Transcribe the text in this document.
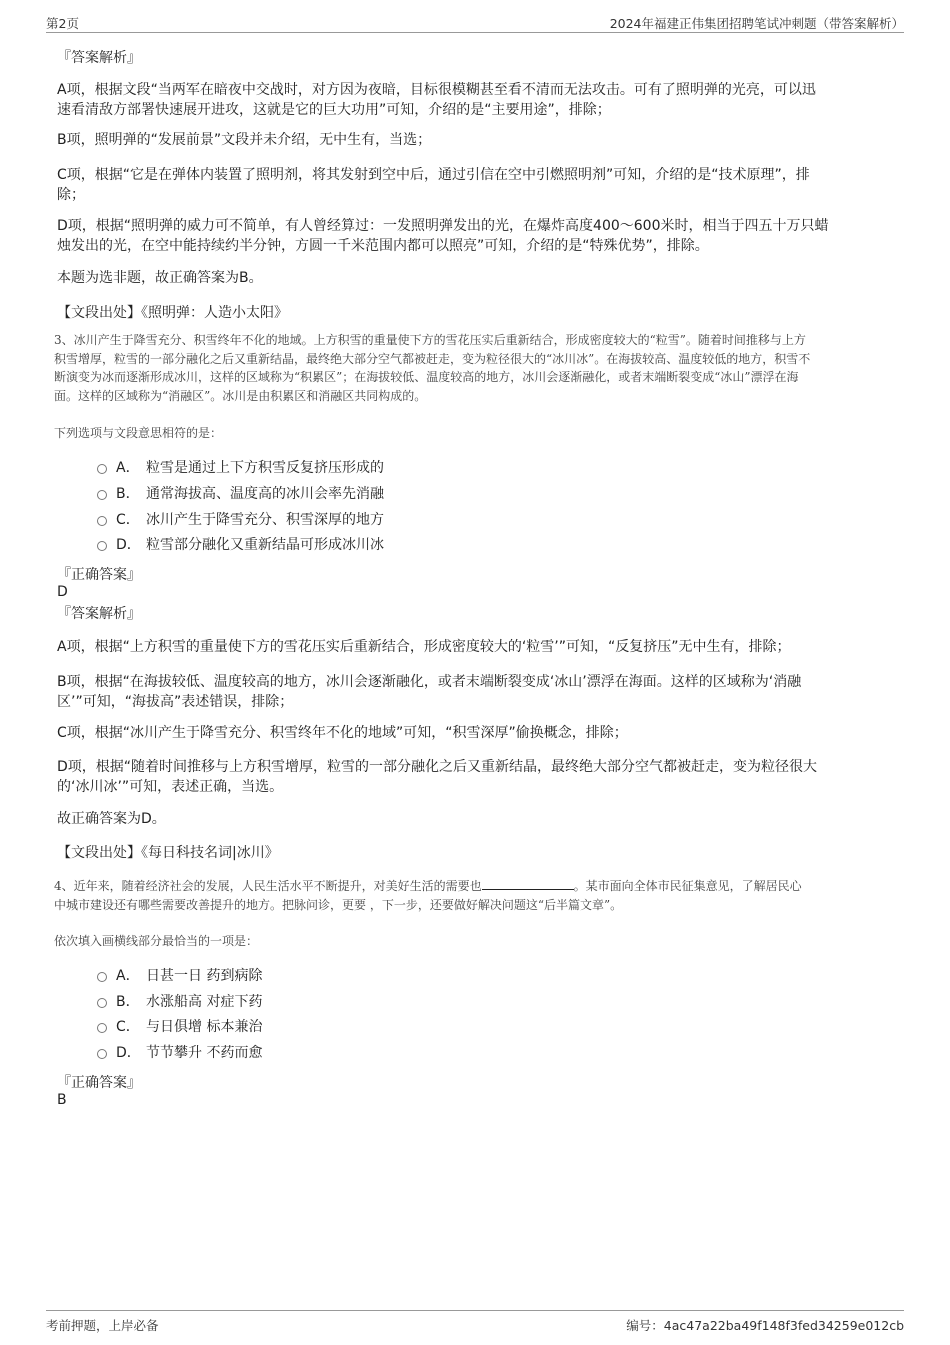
第2页	2024年福建正伟集团招聘笔试冲刺题（带答案解析）
『答案解析』
A项，根据文段“当两军在暗夜中交战时，对方因为夜暗，目标很模糊甚至看不清而无法攻击。可有了照明弹的光亮，可以迅
速看清敌方部署快速展开进攻，这就是它的巨大功用”可知，介绍的是“主要用途”，排除；
B项，照明弹的“发展前景”文段并未介绍，无中生有，当选；
C项，根据“它是在弹体内装置了照明剂，将其发射到空中后，通过引信在空中引燃照明剂”可知，介绍的是“技术原理”，排
除；
D项，根据“照明弹的威力可不简单，有人曾经算过：一发照明弹发出的光，在爆炸高度400～600米时，相当于四五十万只蜡
烛发出的光，在空中能持续约半分钟，方圆一千米范围内都可以照亮”可知，介绍的是“特殊优势”，排除。
本题为选非题，故正确答案为B。
【文段出处】《照明弹：人造小太阳》
3、冰川产生于降雪充分、积雪终年不化的地域。上方积雪的重量使下方的雪花压实后重新结合，形成密度较大的“粒雪”。随着时间推移与上方
积雪增厚，粒雪的一部分融化之后又重新结晶，最终绝大部分空气都被赶走，变为粒径很大的“冰川冰”。在海拔较高、温度较低的地方，积雪不
断演变为冰而逐渐形成冰川，这样的区域称为“积累区”；在海拔较低、温度较高的地方，冰川会逐渐融化，或者末端断裂变成“冰山”漂浮在海
面。这样的区域称为“消融区”。冰川是由积累区和消融区共同构成的。
下列选项与文段意思相符的是：
A． 粒雪是通过上下方积雪反复挤压形成的
B． 通常海拔高、温度高的冰川会率先消融
C． 冰川产生于降雪充分、积雪深厚的地方
D． 粒雪部分融化又重新结晶可形成冰川冰
『正确答案』
D
『答案解析』
A项，根据“上方积雪的重量使下方的雪花压实后重新结合，形成密度较大的‘粒雪’”可知，“反复挤压”无中生有，排除；
B项，根据“在海拔较低、温度较高的地方，冰川会逐渐融化，或者末端断裂变成‘冰山’漂浮在海面。这样的区域称为‘消融
区’”可知，“海拔高”表述错误，排除；
C项，根据“冰川产生于降雪充分、积雪终年不化的地域”可知，“积雪深厚”偷换概念，排除；
D项，根据“随着时间推移与上方积雪增厚，粒雪的一部分融化之后又重新结晶，最终绝大部分空气都被赶走，变为粒径很大
的‘冰川冰’”可知，表述正确，当选。
故正确答案为D。
【文段出处】《每日科技名词|冰川》
4、近年来，随着经济社会的发展，人民生活水平不断提升，对美好生活的需要也	。某市面向全体市民征集意见，了解居民心
中城市建设还有哪些需要改善提升的地方。把脉问诊，更要 ，下一步，还要做好解决问题这“后半篇文章”。
依次填入画横线部分最恰当的一项是：
A． 日甚一日 药到病除
B． 水涨船高 对症下药
C． 与日俱增 标本兼治
D． 节节攀升 不药而愈
『正确答案』
B
考前押题，上岸必备	编号：4ac47a22ba49f148f3fed34259e012cb
